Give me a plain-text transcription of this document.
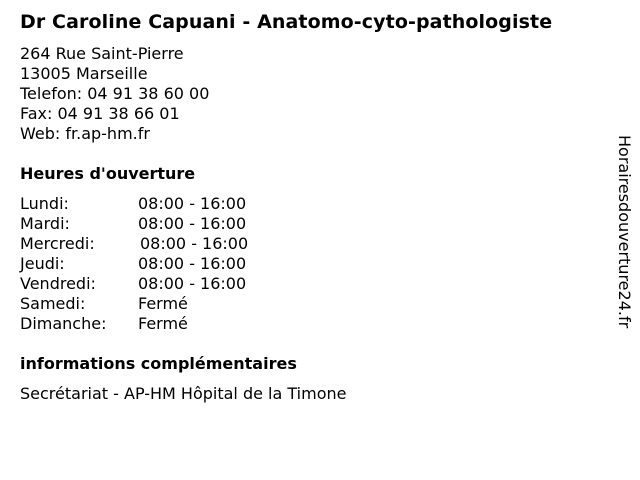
Dr Caroline Capuani - Anatomo-cyto-pathologiste
264 Rue Saint-Pierre
13005 Marseille
Telefon: 04 91 38 60 00
Fax: 04 91 38 66 01
Web: fr.ap-hm.fr
Heures d'ouverture
Lundi:	08:00 - 16:00
Mardi:	08:00 - 16:00
Mercredi:	08:00 - 16:00
Jeudi:	08:00 - 16:00
Vendredi:	08:00 - 16:00
Samedi:	Fermé
Dimanche:	Fermé
informations complémentaires
Secrétariat - AP-HM Hôpital de la Timone
Horairesdouverture24.fr
